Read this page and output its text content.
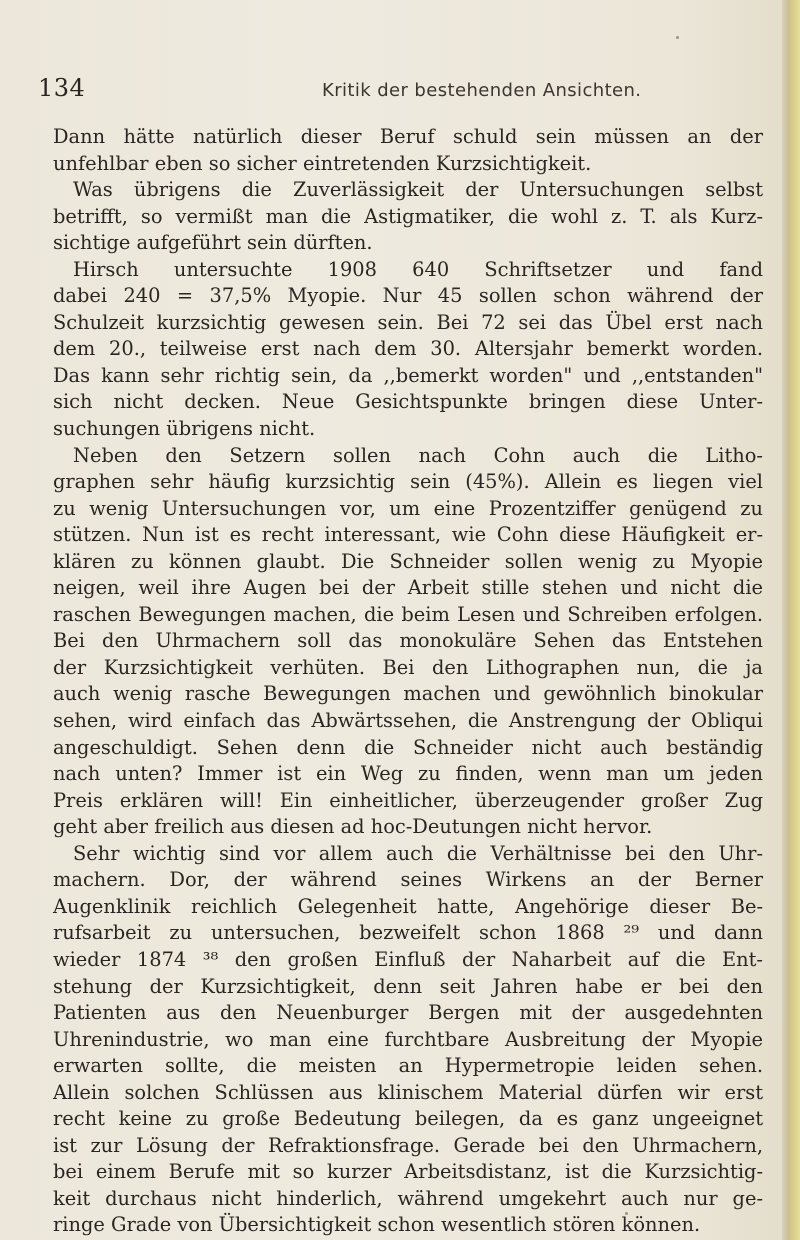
134	Kritik der bestehenden Ansichten.
Dann hätte natürlich dieser Beruf schuld sein müssen an der
unfehlbar eben so sicher eintretenden Kurzsichtigkeit.
Was übrigens die Zuverlässigkeit der Untersuchungen selbst
betrifft, so vermißt man die Astigmatiker, die wohl z. T. als Kurz-
sichtige aufgeführt sein dürften.
Hirsch untersuchte 1908 640 Schriftsetzer und fand
dabei 240 = 37,5% Myopie. Nur 45 sollen schon während der
Schulzeit kurzsichtig gewesen sein. Bei 72 sei das Übel erst nach
dem 20., teilweise erst nach dem 30. Altersjahr bemerkt worden.
Das kann sehr richtig sein, da ,,bemerkt worden" und ,,entstanden"
sich nicht decken. Neue Gesichtspunkte bringen diese Unter-
suchungen übrigens nicht.
Neben den Setzern sollen nach Cohn auch die Litho-
graphen sehr häufig kurzsichtig sein (45%). Allein es liegen viel
zu wenig Untersuchungen vor, um eine Prozentziffer genügend zu
stützen. Nun ist es recht interessant, wie Cohn diese Häufigkeit er-
klären zu können glaubt. Die Schneider sollen wenig zu Myopie
neigen, weil ihre Augen bei der Arbeit stille stehen und nicht die
raschen Bewegungen machen, die beim Lesen und Schreiben erfolgen.
Bei den Uhrmachern soll das monokuläre Sehen das Entstehen
der Kurzsichtigkeit verhüten. Bei den Lithographen nun, die ja
auch wenig rasche Bewegungen machen und gewöhnlich binokular
sehen, wird einfach das Abwärtssehen, die Anstrengung der Obliqui
angeschuldigt. Sehen denn die Schneider nicht auch beständig
nach unten? Immer ist ein Weg zu finden, wenn man um jeden
Preis erklären will! Ein einheitlicher, überzeugender großer Zug
geht aber freilich aus diesen ad hoc-Deutungen nicht hervor.
Sehr wichtig sind vor allem auch die Verhältnisse bei den Uhr-
machern. Dor, der während seines Wirkens an der Berner
Augenklinik reichlich Gelegenheit hatte, Angehörige dieser Be-
rufsarbeit zu untersuchen, bezweifelt schon 1868 ²⁹ und dann
wieder 1874 ³⁸ den großen Einfluß der Naharbeit auf die Ent-
stehung der Kurzsichtigkeit, denn seit Jahren habe er bei den
Patienten aus den Neuenburger Bergen mit der ausgedehnten
Uhrenindustrie, wo man eine furchtbare Ausbreitung der Myopie
erwarten sollte, die meisten an Hypermetropie leiden sehen.
Allein solchen Schlüssen aus klinischem Material dürfen wir erst
recht keine zu große Bedeutung beilegen, da es ganz ungeeignet
ist zur Lösung der Refraktionsfrage. Gerade bei den Uhrmachern,
bei einem Berufe mit so kurzer Arbeitsdistanz, ist die Kurzsichtig-
keit durchaus nicht hinderlich, während umgekehrt auch nur ge-
ringe Grade von Übersichtigkeit schon wesentlich stören können.
